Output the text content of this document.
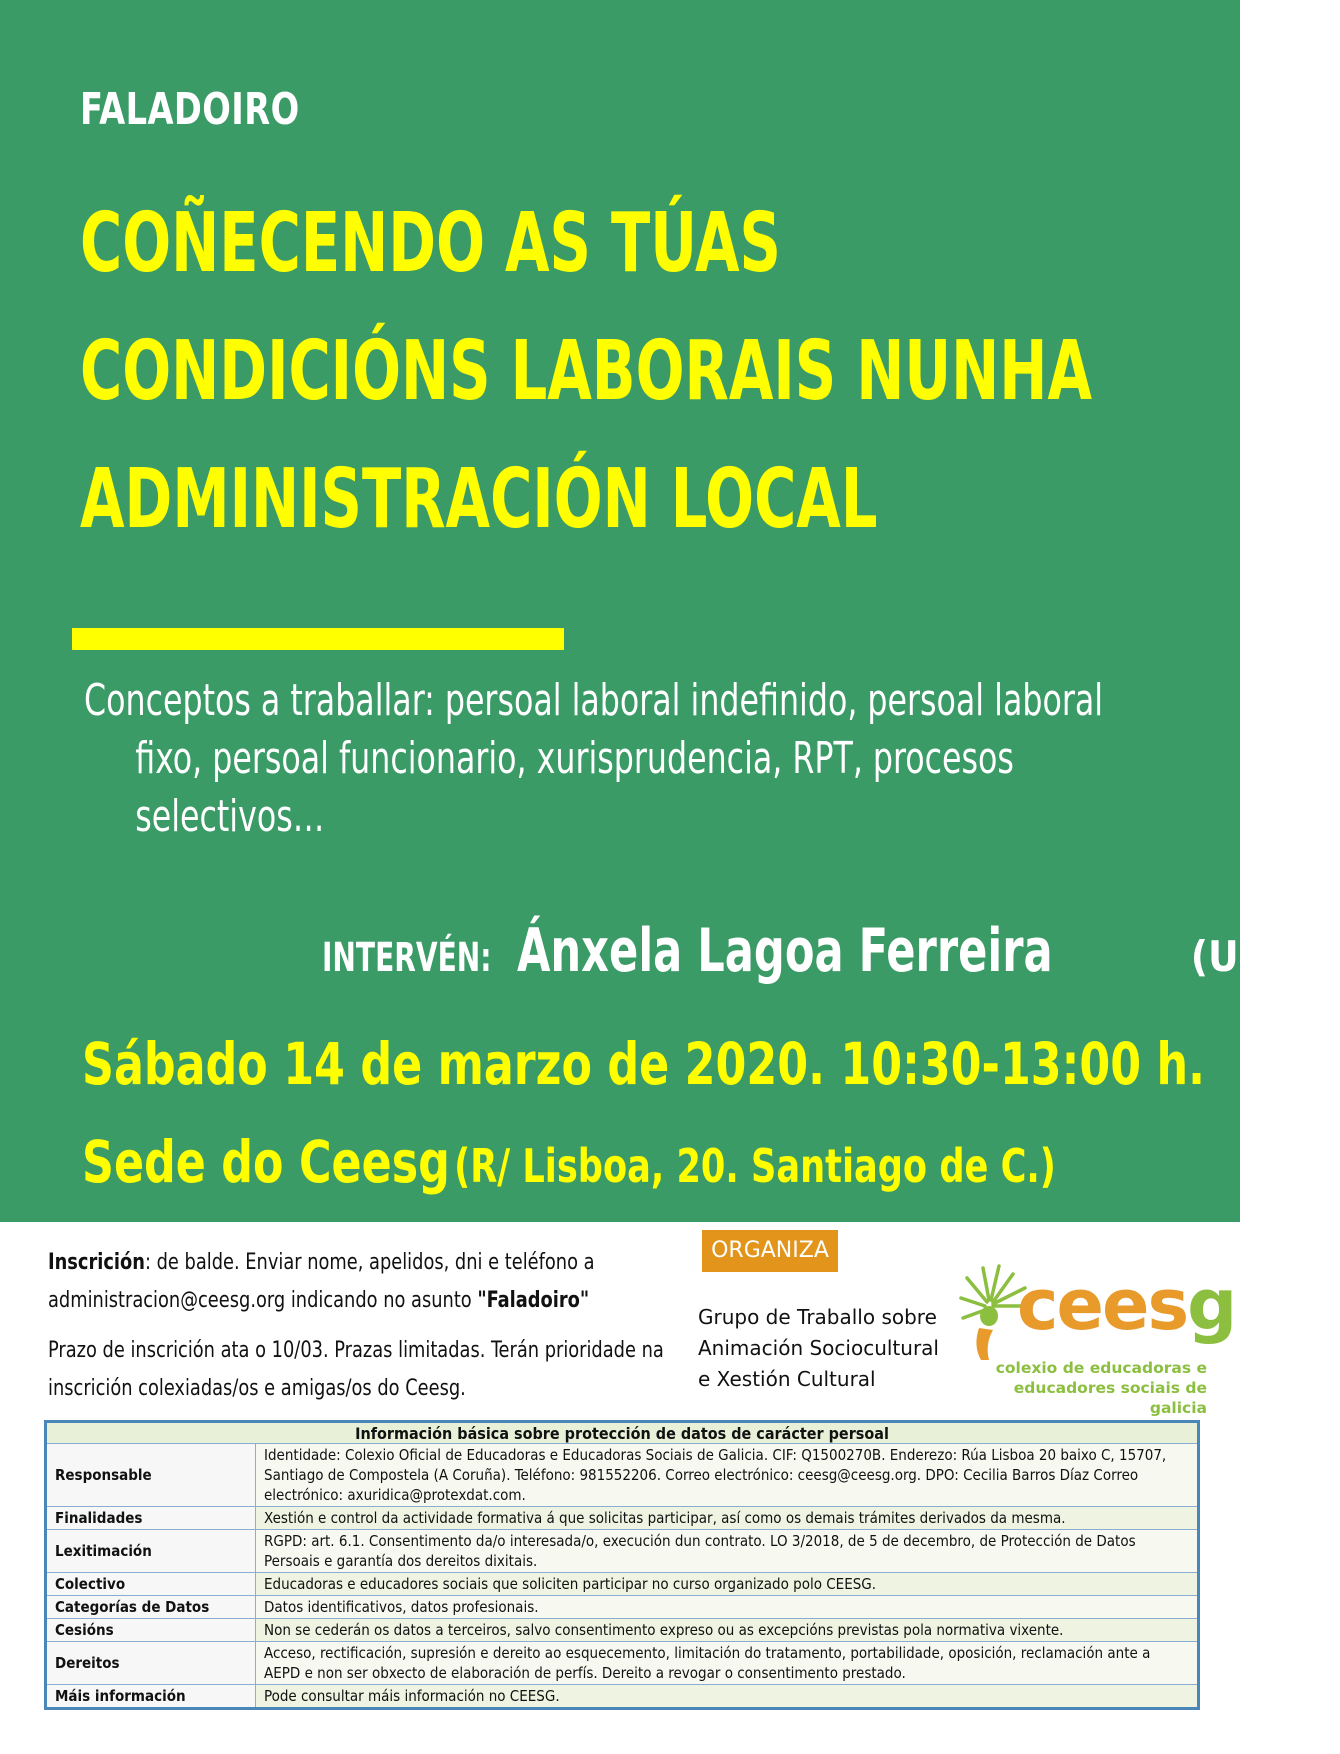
FALADOIRO
COÑECENDO AS TÚAS
CONDICIÓNS LABORAIS NUNHA
ADMINISTRACIÓN LOCAL
Conceptos a traballar: persoal laboral indefinido, persoal laboral fixo, persoal funcionario, xurisprudencia, RPT, procesos selectivos…
INTERVÉN: Ánxela Lagoa Ferreira	(USTG)
Sábado 14 de marzo de 2020. 10:30-13:00 h.
Sede do Ceesg (R/ Lisboa, 20. Santiago de C.)

Inscrición: de balde. Enviar nome, apelidos, dni e teléfono a administracion@ceesg.org indicando no asunto "Faladoiro"

Prazo de inscrición ata o 10/03. Prazas limitadas. Terán prioridade na inscrición colexiadas/os e amigas/os do Ceesg.

ORGANIZA
Grupo de Traballo sobre
Animación Sociocultural
e Xestión Cultural
ceesg
colexio de educadoras e
educadores sociais de galicia
Información básica sobre protección de datos de carácter persoal	
Responsable	Identidade: Colexio Oficial de Educadoras e Educadoras Sociais de Galicia. CIF: Q1500270B. Enderezo: Rúa Lisboa 20 baixo C, 15707, Santiago de Compostela (A Coruña). Teléfono: 981552206. Correo electrónico: ceesg@ceesg.org. DPO: Cecilia Barros Díaz Correo electrónico: axuridica@protexdat.com.
Finalidades	Xestión e control da actividade formativa á que solicitas participar, así como os demais trámites derivados da mesma.
Lexitimación	RGPD: art. 6.1. Consentimento da/o interesada/o, execución dun contrato. LO 3/2018, de 5 de decembro, de Protección de Datos Persoais e garantía dos dereitos dixitais.
Colectivo	Educadoras e educadores sociais que soliciten participar no curso organizado polo CEESG.
Categorías de Datos	Datos identificativos, datos profesionais.
Cesións	Non se cederán os datos a terceiros, salvo consentimento expreso ou as excepcións previstas pola normativa vixente.
Dereitos	Acceso, rectificación, supresión e dereito ao esquecemento, limitación do tratamento, portabilidade, oposición, reclamación ante a AEPD e non ser obxecto de elaboración de perfís. Dereito a revogar o consentimento prestado.
Máis información	Pode consultar máis información no CEESG.
